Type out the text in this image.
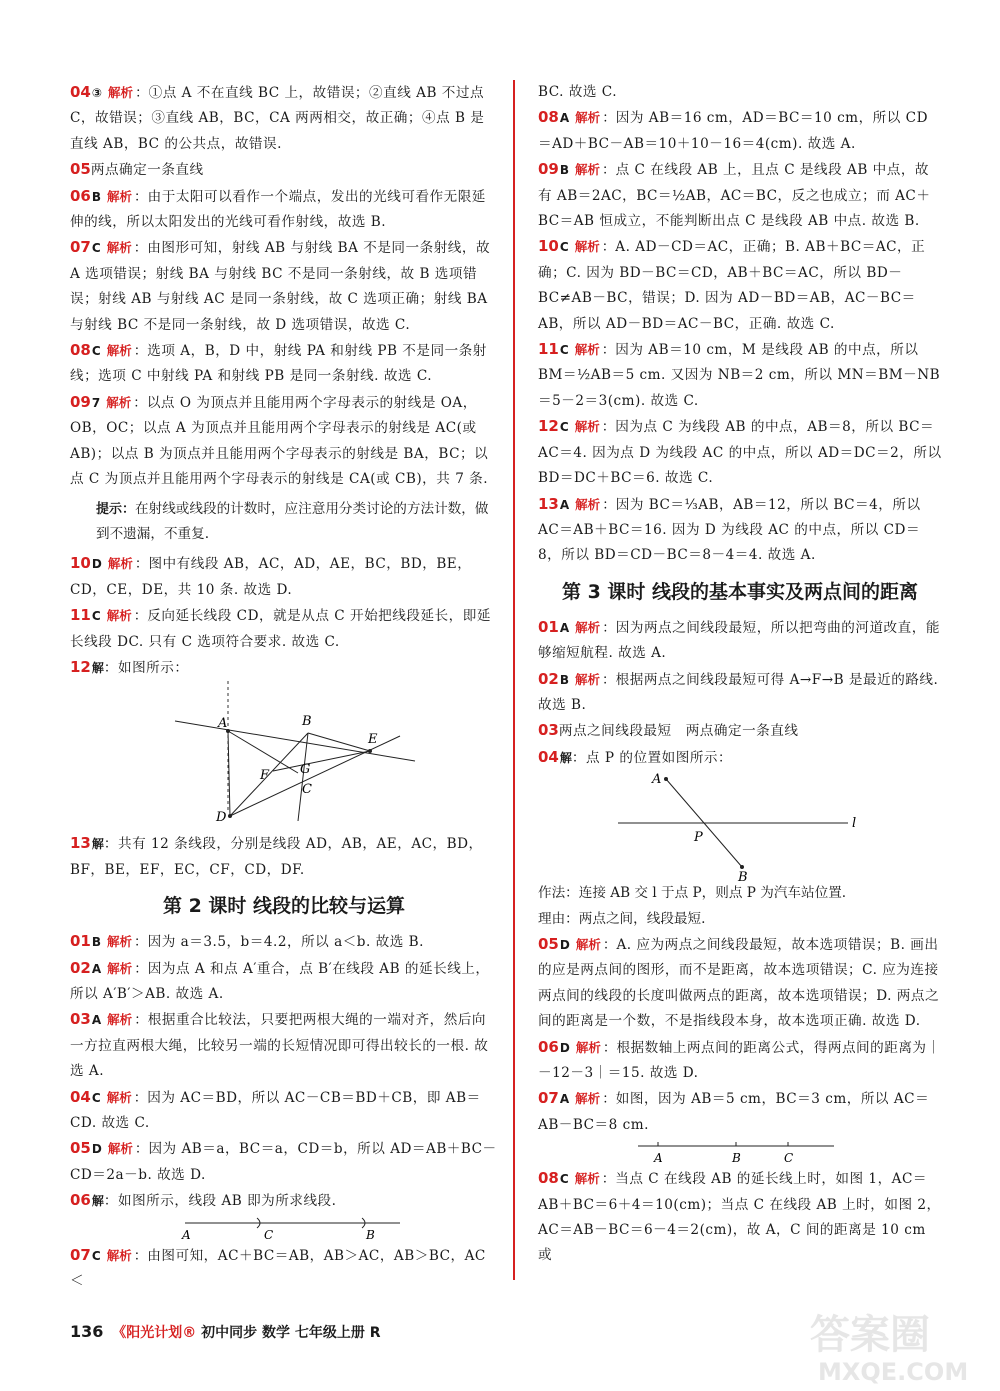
04③ 解析 ：①点 A 不在直线 BC 上，故错误；②直线 AB 不过点 C，故错误；③直线 AB，BC，CA 两两相交，故正确；④点 B 是直线 AB，BC 的公共点，故错误.
05两点确定一条直线
06B 解析 ：由于太阳可以看作一个端点，发出的光线可看作无限延伸的线，所以太阳发出的光线可看作射线，故选 B.
07C 解析 ：由图形可知，射线 AB 与射线 BA 不是同一条射线，故 A 选项错误；射线 BA 与射线 BC 不是同一条射线，故 B 选项错误；射线 AB 与射线 AC 是同一条射线，故 C 选项正确；射线 BA 与射线 BC 不是同一条射线，故 D 选项错误，故选 C.
08C 解析 ：选项 A，B，D 中，射线 PA 和射线 PB 不是同一条射线；选项 C 中射线 PA 和射线 PB 是同一条射线. 故选 C.
097 解析 ：以点 O 为顶点并且能用两个字母表示的射线是 OA，OB，OC；以点 A 为顶点并且能用两个字母表示的射线是 AC(或 AB)；以点 B 为顶点并且能用两个字母表示的射线是 BA，BC；以点 C 为顶点并且能用两个字母表示的射线是 CA(或 CB)，共 7 条.
提示：在射线或线段的计数时，应注意用分类讨论的方法计数，做到不遗漏，不重复.
10D 解析 ：图中有线段 AB，AC，AD，AE，BC，BD，BE，CD，CE，DE，共 10 条. 故选 D.
11C 解析 ：反向延长线段 CD，就是从点 C 开始把线段延长，即延长线段 DC. 只有 C 选项符合要求. 故选 C.
12解：如图所示：
A	B
C
D
E
F G
13解：共有 12 条线段，分别是线段 AD，AB，AE，AC，BD，BF，BE，EF，EC，CF，CD，DF.
第 2 课时 线段的比较与运算
01B 解析 ：因为 a＝3.5，b＝4.2，所以 a＜b. 故选 B.
02A 解析 ：因为点 A 和点 A′重合，点 B′在线段 AB 的延长线上，所以 A′B′＞AB. 故选 A.
03A 解析 ：根据重合比较法，只要把两根大绳的一端对齐，然后向一方拉直两根大绳，比较另一端的长短情况即可得出较长的一根. 故选 A.
04C 解析 ：因为 AC＝BD，所以 AC－CB＝BD＋CB，即 AB＝CD. 故选 C.
05D 解析 ：因为 AB＝a，BC＝a，CD＝b，所以 AD＝AB＋BC－CD＝2a－b. 故选 D.
06解：如图所示，线段 AB 即为所求线段.
A	C	B
07C 解析 ：由图可知，AC＋BC＝AB，AB＞AC，AB＞BC，AC＜
BC. 故选 C.
08A 解析 ：因为 AB＝16 cm，AD＝BC＝10 cm，所以 CD＝AD＋BC－AB＝10＋10－16＝4(cm). 故选 A.
09B 解析 ：点 C 在线段 AB 上，且点 C 是线段 AB 中点，故有 AB＝2AC，BC＝½AB，AC＝BC，反之也成立；而 AC＋BC＝AB 恒成立，不能判断出点 C 是线段 AB 中点. 故选 B.
10C 解析 ：A. AD－CD＝AC，正确；B. AB＋BC＝AC，正确；C. 因为 BD－BC＝CD，AB＋BC＝AC，所以 BD－BC≠AB－BC，错误；D. 因为 AD－BD＝AB，AC－BC＝AB，所以 AD－BD＝AC－BC，正确. 故选 C.
11C 解析 ：因为 AB＝10 cm，M 是线段 AB 的中点，所以 BM＝½AB＝5 cm. 又因为 NB＝2 cm，所以 MN＝BM－NB＝5－2＝3(cm). 故选 C.
12C 解析 ：因为点 C 为线段 AB 的中点，AB＝8，所以 BC＝AC＝4. 因为点 D 为线段 AC 的中点，所以 AD＝DC＝2，所以 BD＝DC＋BC＝6. 故选 C.
13A 解析 ：因为 BC＝⅓AB，AB＝12，所以 BC＝4，所以 AC＝AB＋BC＝16. 因为 D 为线段 AC 的中点，所以 CD＝8，所以 BD＝CD－BC＝8－4＝4. 故选 A.
第 3 课时 线段的基本事实及两点间的距离
01A 解析 ：因为两点之间线段最短，所以把弯曲的河道改直，能够缩短航程. 故选 A.
02B 解析 ：根据两点之间线段最短可得 A→F→B 是最近的路线. 故选 B.
03两点之间线段最短　两点确定一条直线
04解：点 P 的位置如图所示：
A
P
B
l
作法：连接 AB 交 l 于点 P，则点 P 为汽车站位置.
理由：两点之间，线段最短.
05D 解析 ：A. 应为两点之间线段最短，故本选项错误；B. 画出的应是两点间的图形，而不是距离，故本选项错误；C. 应为连接两点间的线段的长度叫做两点的距离，故本选项错误；D. 两点之间的距离是一个数，不是指线段本身，故本选项正确. 故选 D.
06D 解析 ：根据数轴上两点间的距离公式，得两点间的距离为｜－12－3｜＝15. 故选 D.
07A 解析 ：如图，因为 AB＝5 cm，BC＝3 cm，所以 AC＝AB－BC＝8 cm.
A	B	C
08C 解析 ：当点 C 在线段 AB 的延长线上时，如图 1，AC＝AB＋BC＝6＋4＝10(cm)；当点 C 在线段 AB 上时，如图 2，AC＝AB－BC＝6－4＝2(cm)，故 A，C 间的距离是 10 cm 或
136 《阳光计划® 初中同步 数学 七年级上册 R	答案圈
MXQE.COM
